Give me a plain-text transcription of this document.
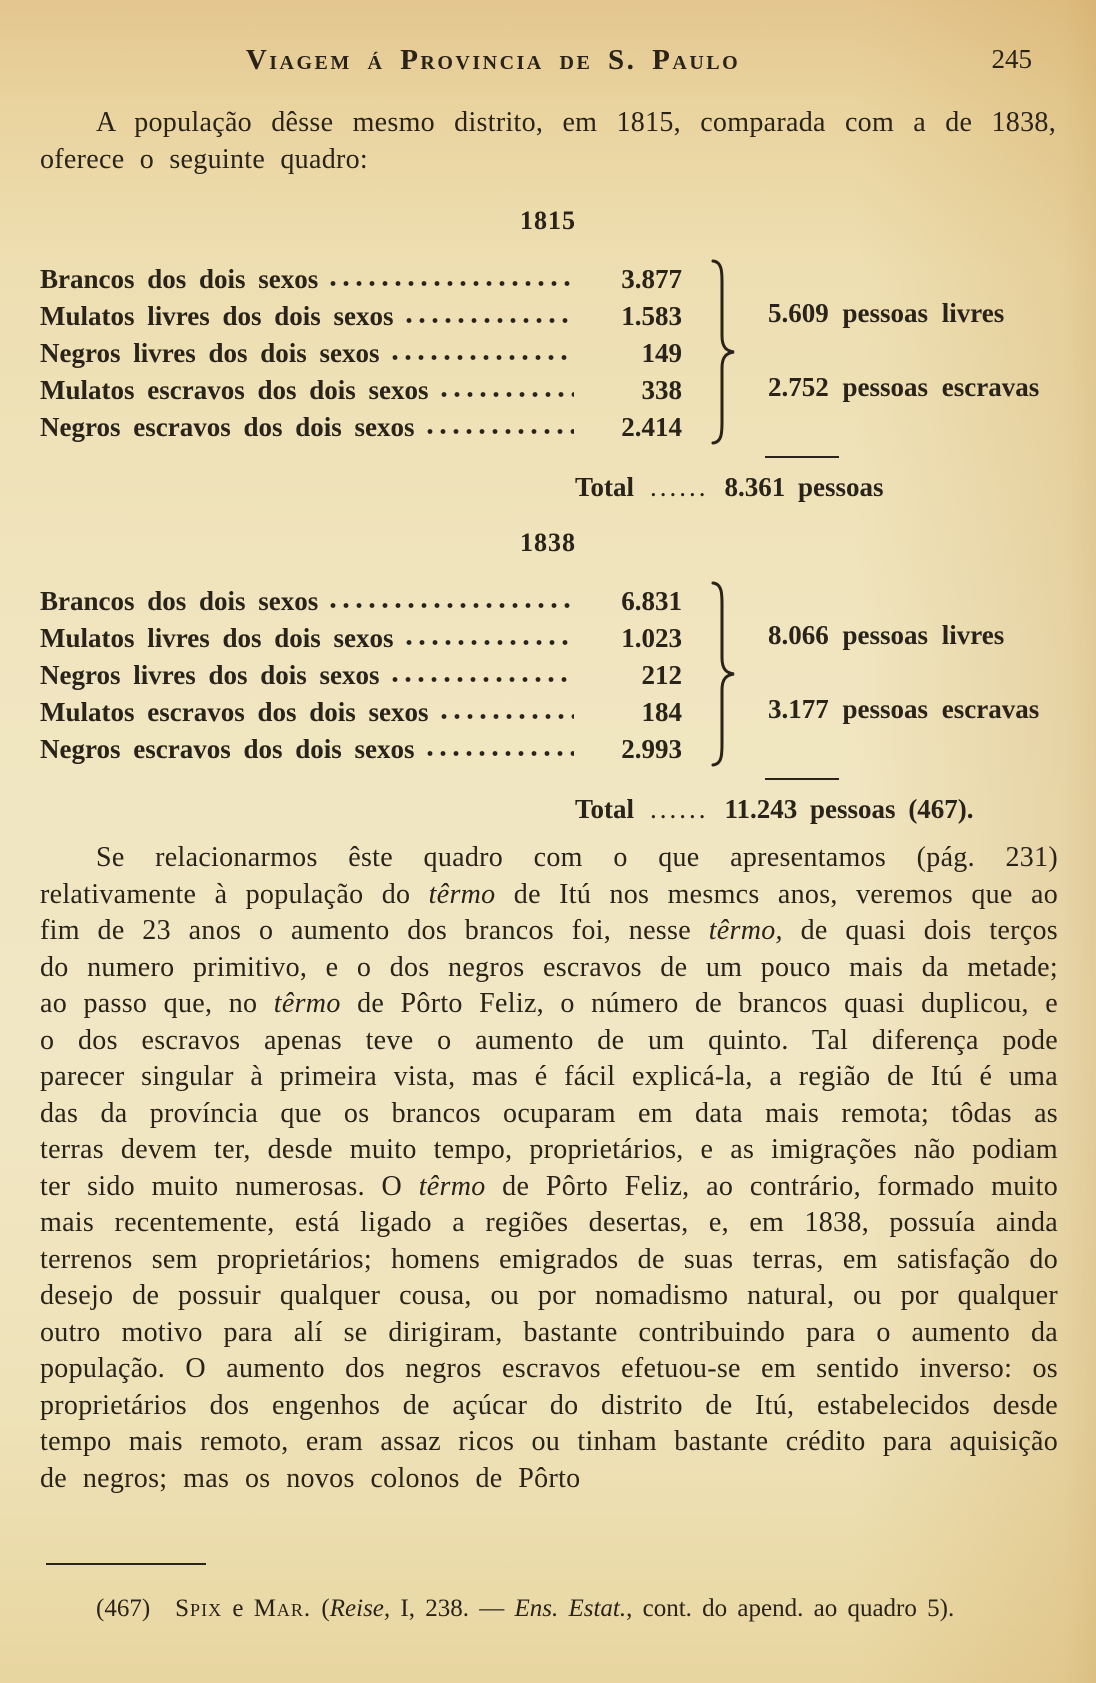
Viagem á Provincia de S. Paulo	245

A população dêsse mesmo distrito, em 1815, comparada com a de 1838, oferece o seguinte quadro:

1815
Brancos dos dois sexos	3.877
Mulatos livres dos dois sexos	1.583
Negros livres dos dois sexos	149
Mulatos escravos dos dois sexos	338
Negros escravos dos dois sexos	2.414
5.609 pessoas livres
2.752 pessoas escravas
Total ...... 8.361 pessoas
1838
Brancos dos dois sexos	6.831
Mulatos livres dos dois sexos	1.023
Negros livres dos dois sexos	212
Mulatos escravos dos dois sexos	184
Negros escravos dos dois sexos	2.993
8.066 pessoas livres
3.177 pessoas escravas
Total ...... 11.243 pessoas (467).

Se relacionarmos êste quadro com o que apresentamos (pág. 231) relativamente à população do têrmo de Itú nos mesmcs anos, veremos que ao fim de 23 anos o aumento dos brancos foi, nesse têrmo, de quasi dois terços do numero primitivo, e o dos negros escravos de um pouco mais da metade; ao passo que, no têrmo de Pôrto Feliz, o número de brancos quasi duplicou, e o dos escravos apenas teve o aumento de um quinto. Tal diferença pode parecer singular à primeira vista, mas é fácil explicá-la, a região de Itú é uma das da província que os brancos ocuparam em data mais remota; tôdas as terras devem ter, desde muito tempo, proprietários, e as imigrações não podiam ter sido muito numerosas. O têrmo de Pôrto Feliz, ao contrário, formado muito mais recentemente, está ligado a regiões desertas, e, em 1838, possuía ainda terrenos sem proprietários; homens emigrados de suas terras, em satisfação do desejo de possuir qualquer cousa, ou por nomadismo natural, ou por qualquer outro motivo para alí se dirigiram, bastante contribuindo para o aumento da população. O aumento dos negros escravos efetuou-se em sentido inverso: os proprietários dos engenhos de açúcar do distrito de Itú, estabelecidos desde tempo mais remoto, eram assaz ricos ou tinham bastante crédito para aquisição de negros; mas os novos colonos de Pôrto

(467) Spix e Mar. (Reise, I, 238. — Ens. Estat., cont. do apend. ao quadro 5).
